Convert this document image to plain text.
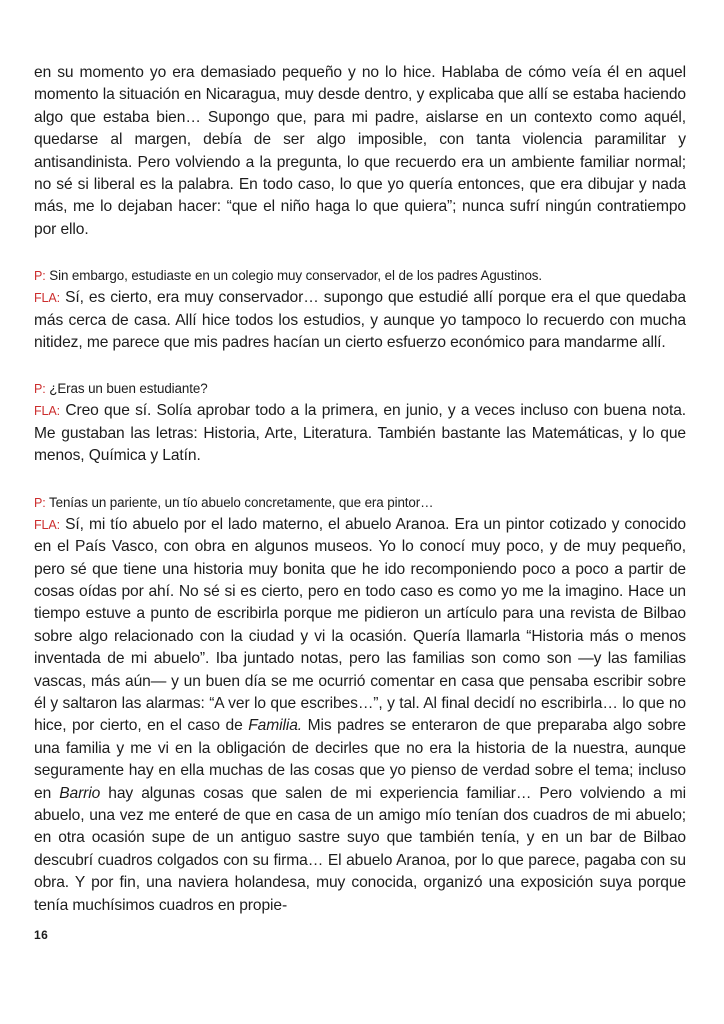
en su momento yo era demasiado pequeño y no lo hice. Hablaba de cómo veía él en aquel momento la situación en Nicaragua, muy desde dentro, y explicaba que allí se estaba haciendo algo que estaba bien… Supongo que, para mi padre, aislarse en un contexto como aquél, quedarse al margen, debía de ser algo imposible, con tanta violencia paramilitar y antisandinista. Pero volviendo a la pregunta, lo que recuerdo era un ambiente familiar normal; no sé si liberal es la palabra. En todo caso, lo que yo quería entonces, que era dibujar y nada más, me lo dejaban hacer: “que el niño haga lo que quiera”; nunca sufrí ningún contratiempo por ello.

P: Sin embargo, estudiaste en un colegio muy conservador, el de los padres Agustinos.

FLA: Sí, es cierto, era muy conservador… supongo que estudié allí porque era el que quedaba más cerca de casa. Allí hice todos los estudios, y aunque yo tampoco lo recuerdo con mucha nitidez, me parece que mis padres hacían un cierto esfuerzo económico para mandarme allí.

P: ¿Eras un buen estudiante?

FLA: Creo que sí. Solía aprobar todo a la primera, en junio, y a veces incluso con buena nota. Me gustaban las letras: Historia, Arte, Literatura. También bastante las Matemáticas, y lo que menos, Química y Latín.

P: Tenías un pariente, un tío abuelo concretamente, que era pintor…

FLA: Sí, mi tío abuelo por el lado materno, el abuelo Aranoa. Era un pintor cotizado y conocido en el País Vasco, con obra en algunos museos. Yo lo conocí muy poco, y de muy pequeño, pero sé que tiene una historia muy bonita que he ido recomponiendo poco a poco a partir de cosas oídas por ahí. No sé si es cierto, pero en todo caso es como yo me la imagino. Hace un tiempo estuve a punto de escribirla porque me pidieron un artículo para una revista de Bilbao sobre algo relacionado con la ciudad y vi la ocasión. Quería llamarla “Historia más o menos inventada de mi abuelo”. Iba juntado notas, pero las familias son como son —y las familias vascas, más aún— y un buen día se me ocurrió comentar en casa que pensaba escribir sobre él y saltaron las alarmas: “A ver lo que escribes…”, y tal. Al final decidí no escribirla… lo que no hice, por cierto, en el caso de Familia. Mis padres se enteraron de que preparaba algo sobre una familia y me vi en la obligación de decirles que no era la historia de la nuestra, aunque seguramente hay en ella muchas de las cosas que yo pienso de verdad sobre el tema; incluso en Barrio hay algunas cosas que salen de mi experiencia familiar… Pero volviendo a mi abuelo, una vez me enteré de que en casa de un amigo mío tenían dos cuadros de mi abuelo; en otra ocasión supe de un antiguo sastre suyo que también tenía, y en un bar de Bilbao descubrí cuadros colgados con su firma… El abuelo Aranoa, por lo que parece, pagaba con su obra. Y por fin, una naviera holandesa, muy conocida, organizó una exposición suya porque tenía muchísimos cuadros en propie-

16
